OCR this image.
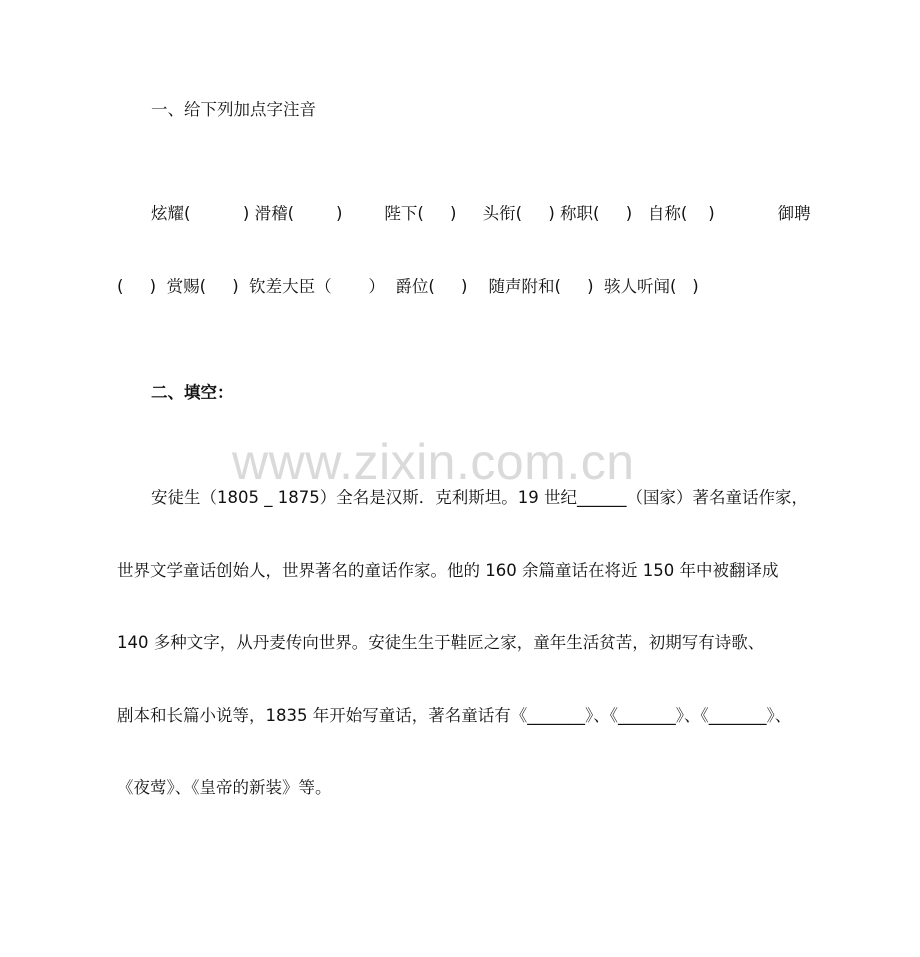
www.zixin.com.cn
一、给下列加点字注音
炫耀(          ) 滑稽(        )        陛下(     )     头衔(     ) 称职(     )   自称(    )            御聘
(     )  赏赐(     )  钦差大臣（       ）  爵位(     )    随声附和(     )  骇人听闻(   )
二、填空：
安徒生（1805 _ 1875）全名是汉斯．克利斯坦。19 世纪______（国家）著名童话作家，
世界文学童话创始人，世界著名的童话作家。他的 160 余篇童话在将近 150 年中被翻译成
140 多种文字，从丹麦传向世界。安徒生生于鞋匠之家，童年生活贫苦，初期写有诗歌、
剧本和长篇小说等，1835 年开始写童话，著名童话有《_______》、《_______》、《_______》、
《夜莺》、《皇帝的新装》等。
